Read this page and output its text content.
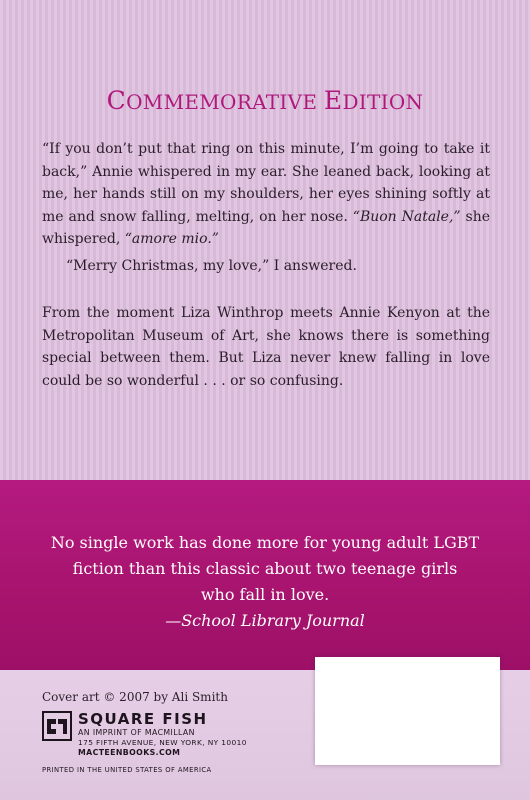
COMMEMORATIVE EDITION
“If you don’t put that ring on this minute, I’m going to take it back,” Annie whispered in my ear. She leaned back, looking at me, her hands still on my shoulders, her eyes shining softly at me and snow falling, melting, on her nose. “Buon Natale,” she whispered, “amore mio.”
“Merry Christmas, my love,” I answered.
From the moment Liza Winthrop meets Annie Kenyon at the Metropolitan Museum of Art, she knows there is something special between them. But Liza never knew falling in love could be so wonderful . . . or so confusing.
No single work has done more for young adult LGBT
fiction than this classic about two teenage girls
who fall in love.
—School Library Journal
Cover art © 2007 by Ali Smith
SQUARE FISH
AN IMPRINT OF MACMILLAN
175 FIFTH AVENUE, NEW YORK, NY 10010
MACTEENBOOKS.COM
PRINTED IN THE UNITED STATES OF AMERICA
